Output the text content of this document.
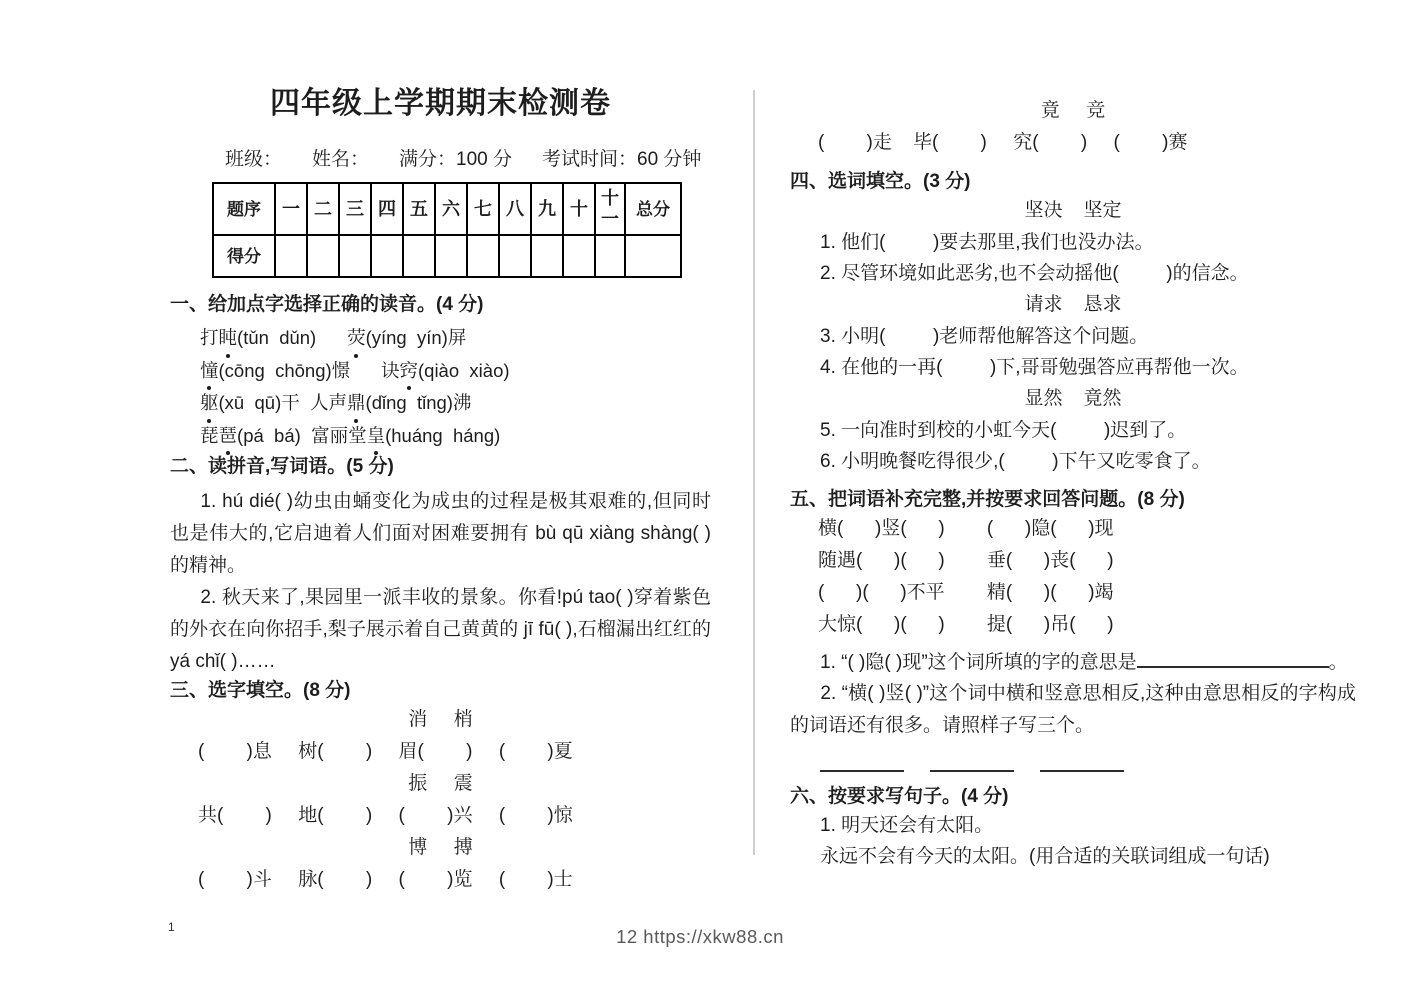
四年级上学期期末检测卷
班级： 姓名： 满分：100 分 考试时间：60 分钟
题序	一	二	三	四	五	六	七	八	九	十	十一	总分
得分												
一、给加点字选择正确的读音。(4 分)
打盹(tǔn  dǔn)      荧(yíng  yín)屏
憧(cōng  chōng)憬      诀窍(qiào  xiào)
躯(xū  qū)干  人声鼎(dǐng  tǐng)沸
琵琶(pá  bá)  富丽堂皇(huáng  háng)
二、读拼音,写词语。(5 分)

1. hú dié( )幼虫由蛹变化为成虫的过程是极其艰难的,但同时也是伟大的,它启迪着人们面对困难要拥有 bù qū xiàng shàng( )的精神。

2. 秋天来了,果园里一派丰收的景象。你看!pú tao( )穿着紫色的外衣在向你招手,梨子展示着自己黄黄的 jī fū( ),石榴漏出红红的 yá chǐ( )……

三、选字填空。(8 分)
消     梢
(        )息     树(        )     眉(        )     (        )夏
振     震
共(        )     地(        )     (        )兴     (        )惊
博     搏
(        )斗     脉(        )     (        )览     (        )士
竟     竞
(        )走    毕(        )     究(        )     (        )赛
四、选词填空。(3 分)
坚决    坚定
1. 他们(         )要去那里,我们也没办法。
2. 尽管环境如此恶劣,也不会动摇他(         )的信念。
请求    恳求
3. 小明(         )老师帮他解答这个问题。
4. 在他的一再(         )下,哥哥勉强答应再帮他一次。
显然    竟然
5. 一向准时到校的小虹今天(         )迟到了。
6. 小明晚餐吃得很少,(         )下午又吃零食了。
五、把词语补充完整,并按要求回答问题。(8 分)
横(      )竖(      )        (      )隐(      )现
随遇(      )(      )        垂(      )丧(      )
(      )(      )不平        精(      )(      )竭
大惊(      )(      )        提(      )吊(      )
1. “( )隐( )现”这个词所填的字的意思是	。

2. “横( )竖( )”这个词中横和竖意思相反,这种由意思相反的字构成的词语还有很多。请照样子写三个。

六、按要求写句子。(4 分)
1. 明天还会有太阳。
永远不会有今天的太阳。(用合适的关联词组成一句话)
1	12 https://xkw88.cn
